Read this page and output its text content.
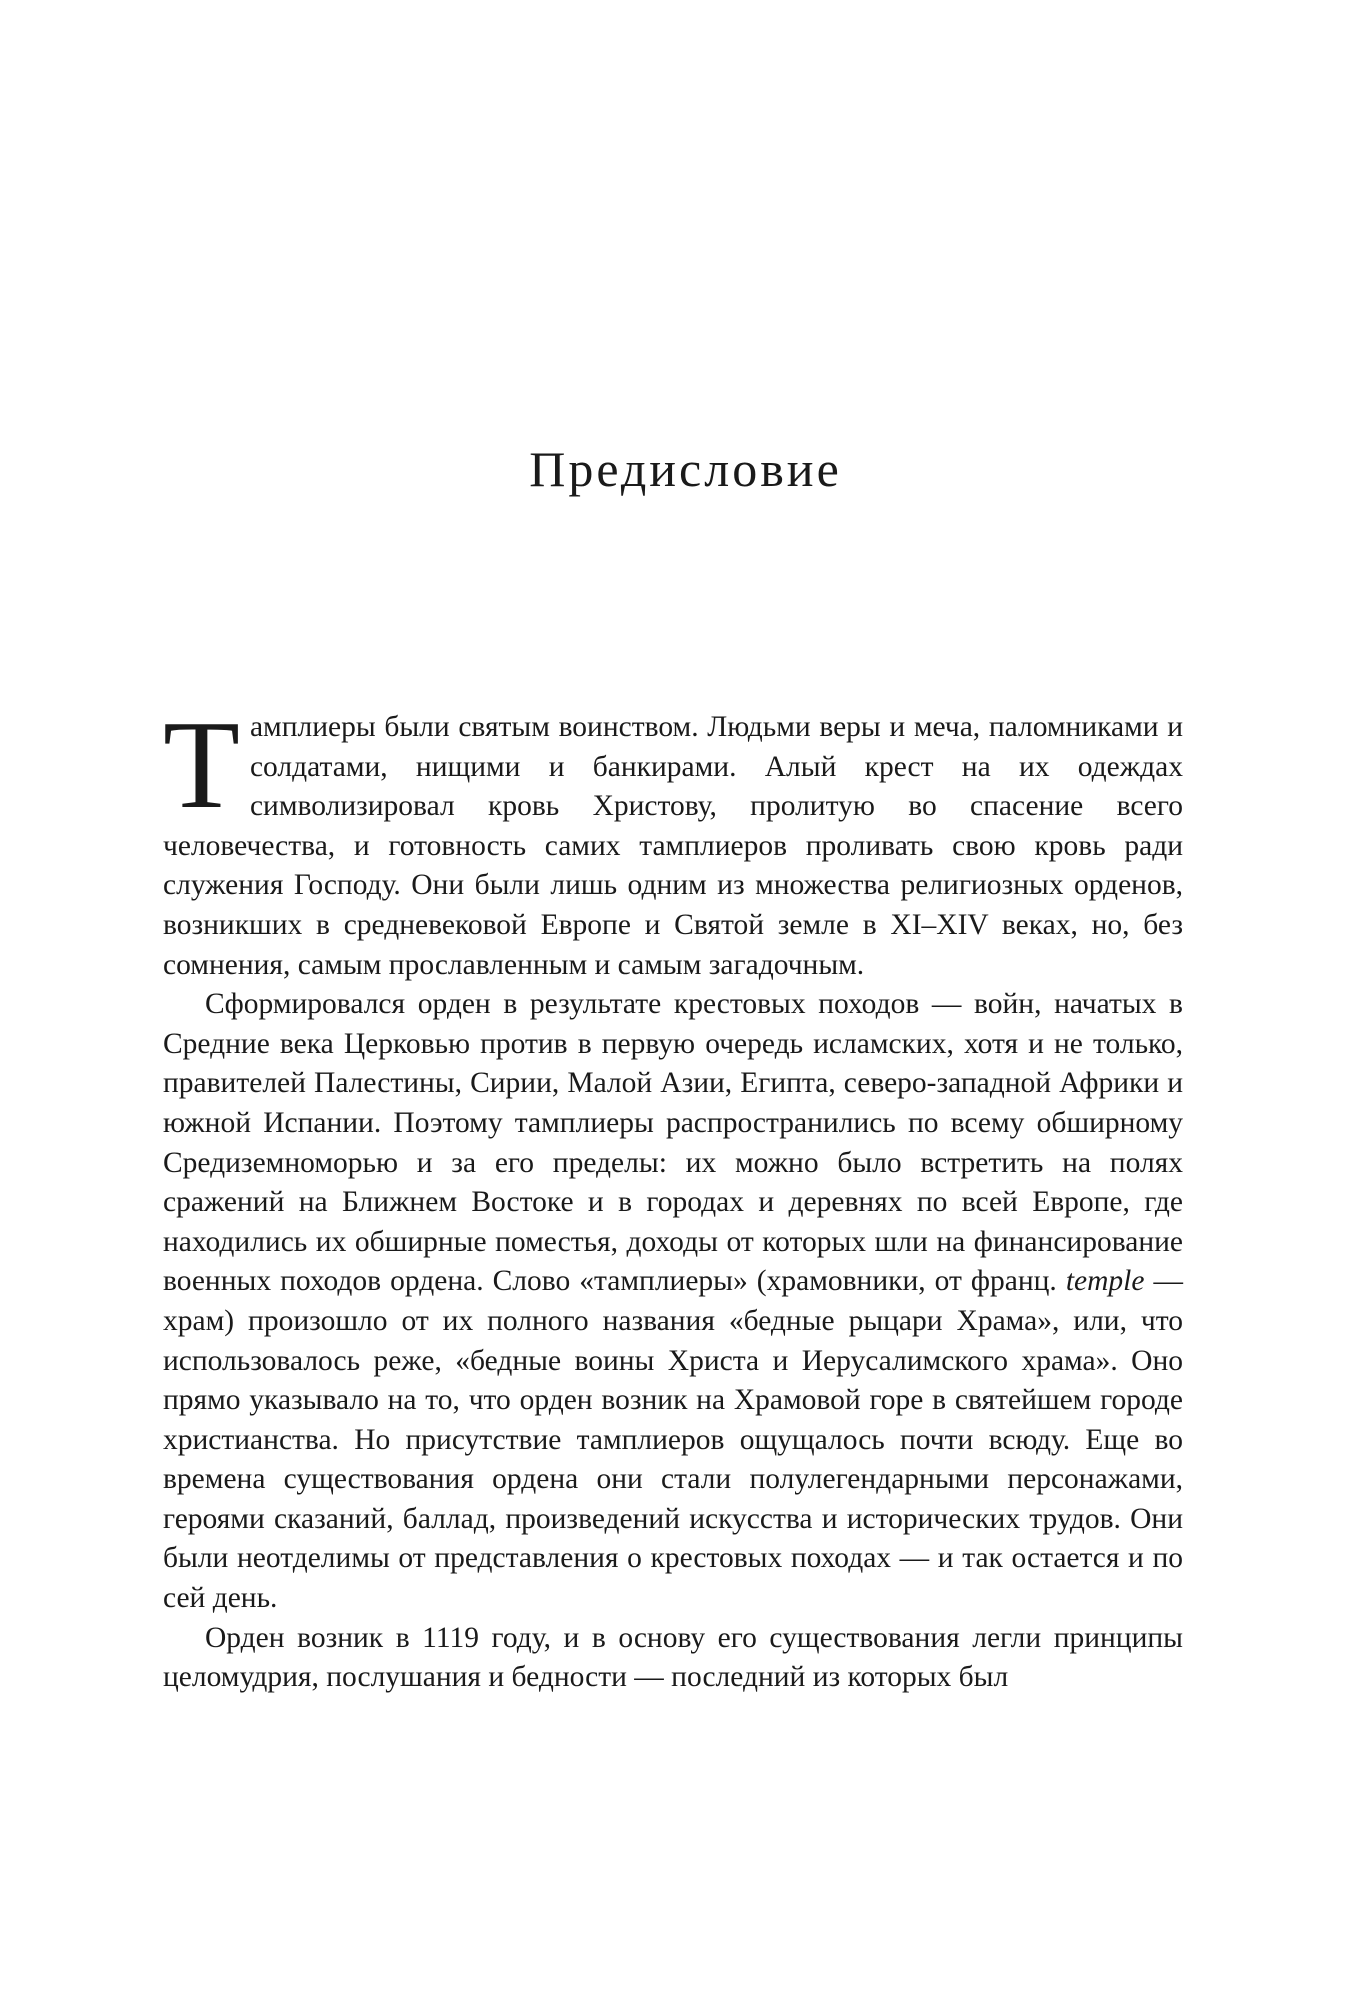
Предисловие

Тамплиеры были святым воинством. Людьми веры и меча, паломниками и солдатами, нищими и банкирами. Алый крест на их одеждах символизировал кровь Христову, пролитую во спасение всего человечества, и готовность самих тамплиеров проливать свою кровь ради служения Господу. Они были лишь одним из множества религиозных орденов, возникших в средневековой Европе и Святой земле в XI–XIV веках, но, без сомнения, самым прославленным и самым загадочным.

Сформировался орден в результате крестовых походов — войн, начатых в Средние века Церковью против в первую очередь исламских, хотя и не только, правителей Палестины, Сирии, Малой Азии, Египта, северо-западной Африки и южной Испании. Поэтому тамплиеры распространились по всему обширному Средиземноморью и за его пределы: их можно было встретить на полях сражений на Ближнем Востоке и в городах и деревнях по всей Европе, где находились их обширные поместья, доходы от которых шли на финансирование военных походов ордена. Слово «тамплиеры» (храмовники, от франц. temple — храм) произошло от их полного названия «бедные рыцари Храма», или, что использовалось реже, «бедные воины Христа и Иерусалимского храма». Оно прямо указывало на то, что орден возник на Храмовой горе в святейшем городе христианства. Но присутствие тамплиеров ощущалось почти всюду. Еще во времена существования ордена они стали полулегендарными персонажами, героями сказаний, баллад, произведений искусства и исторических трудов. Они были неотделимы от представления о крестовых походах — и так остается и по сей день.

Орден возник в 1119 году, и в основу его существования легли принципы целомудрия, послушания и бедности — последний из которых был
